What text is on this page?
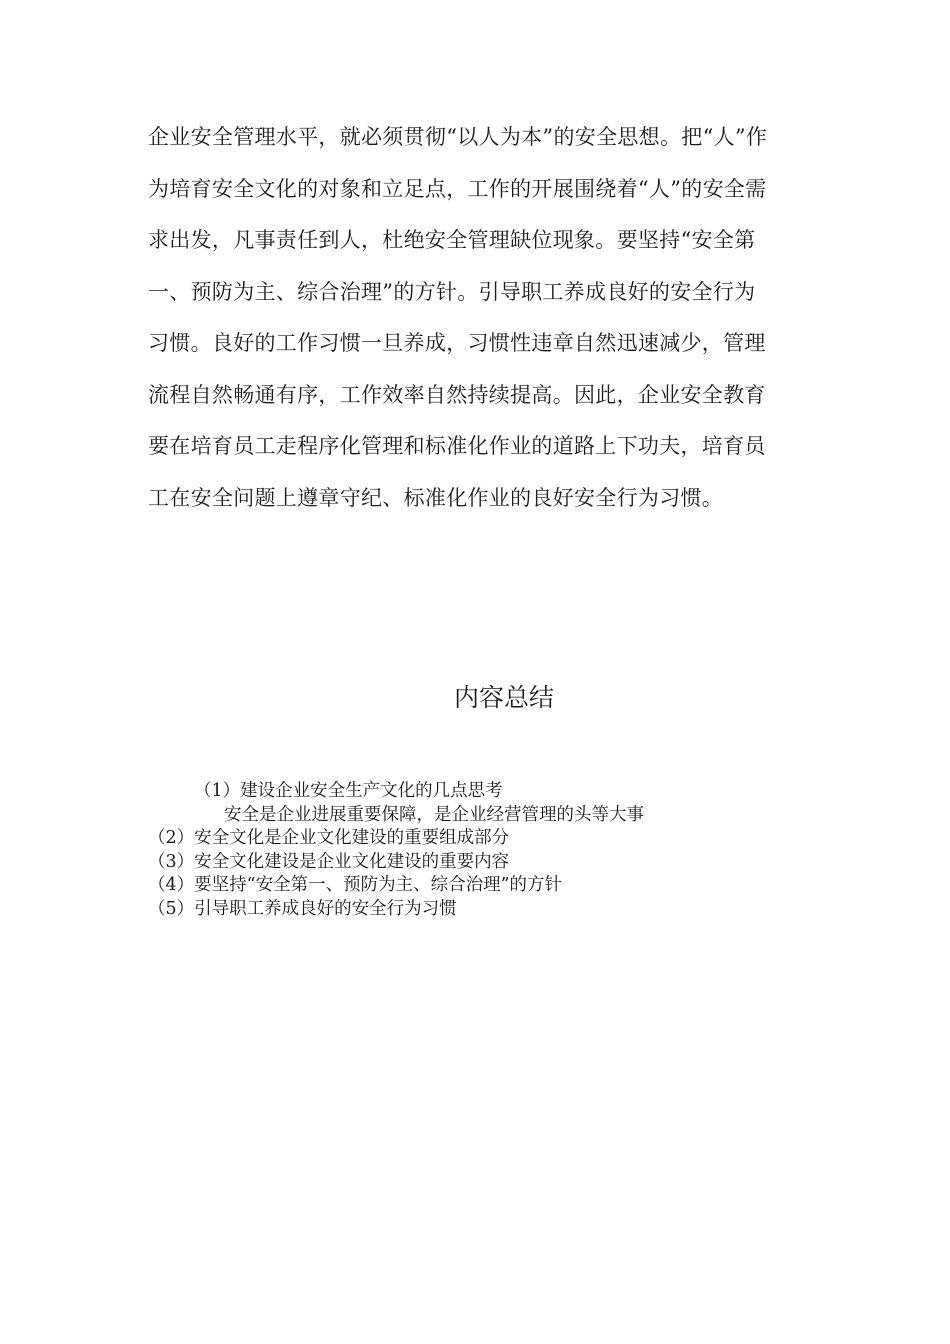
企业安全管理水平，就必须贯彻“以人为本”的安全思想。把“人”作
为培育安全文化的对象和立足点，工作的开展围绕着“人”的安全需
求出发，凡事责任到人，杜绝安全管理缺位现象。要坚持“安全第
一、预防为主、综合治理”的方针。引导职工养成良好的安全行为
习惯。良好的工作习惯一旦养成，习惯性违章自然迅速减少，管理
流程自然畅通有序，工作效率自然持续提高。因此，企业安全教育
要在培育员工走程序化管理和标准化作业的道路上下功夫，培育员
工在安全问题上遵章守纪、标准化作业的良好安全行为习惯。
内容总结
（1）建设企业安全生产文化的几点思考
安全是企业进展重要保障，是企业经营管理的头等大事
（2）安全文化是企业文化建设的重要组成部分
（3）安全文化建设是企业文化建设的重要内容
（4）要坚持“安全第一、预防为主、综合治理”的方针
（5）引导职工养成良好的安全行为习惯
